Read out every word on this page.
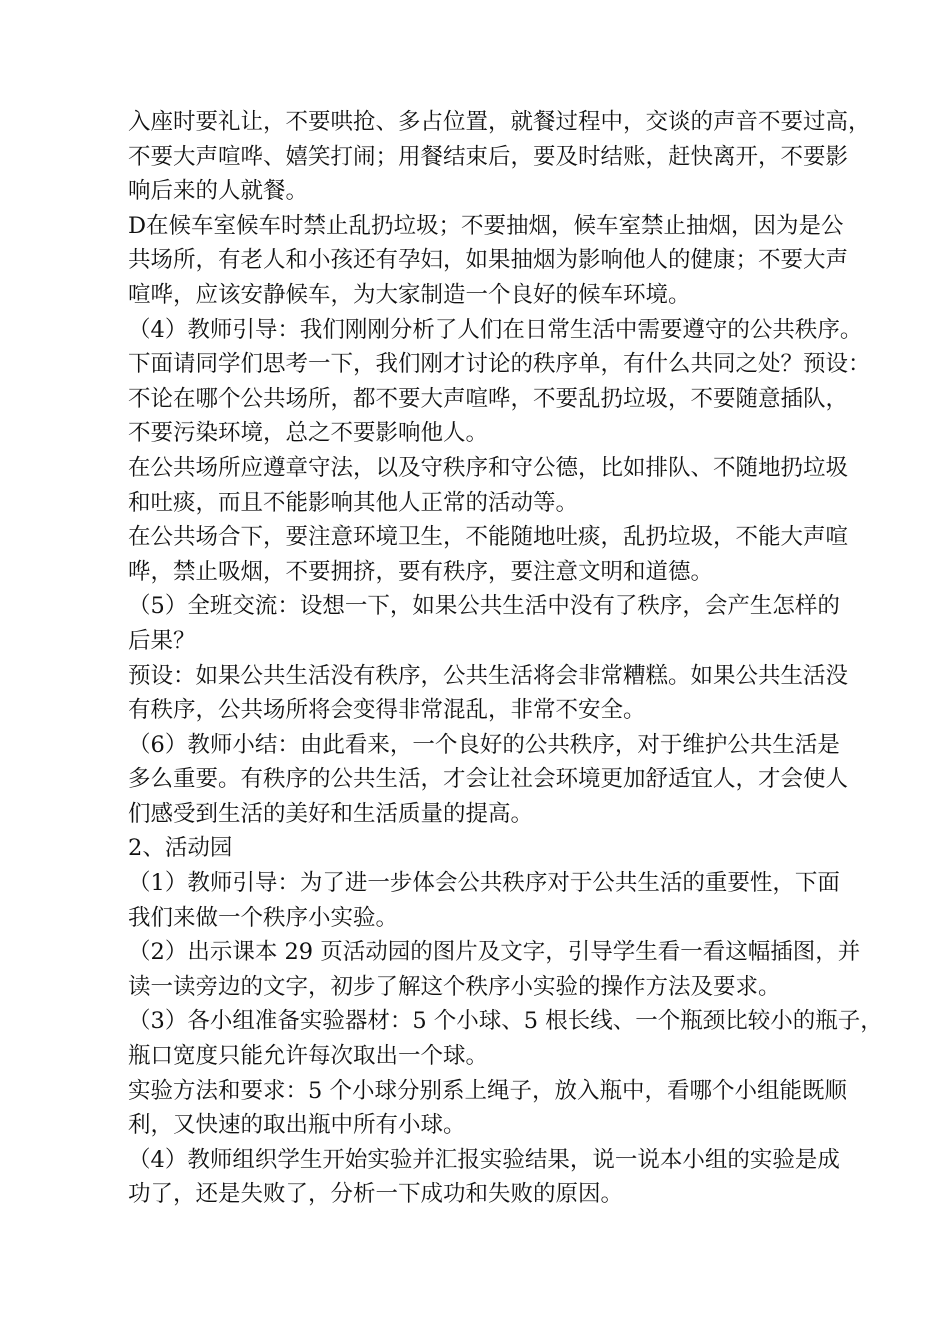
入座时要礼让，不要哄抢、多占位置，就餐过程中，交谈的声音不要过高，
不要大声喧哗、嬉笑打闹；用餐结束后，要及时结账，赶快离开，不要影
响后来的人就餐。
D在候车室候车时禁止乱扔垃圾；不要抽烟，候车室禁止抽烟，因为是公
共场所，有老人和小孩还有孕妇，如果抽烟为影响他人的健康；不要大声
喧哗，应该安静候车，为大家制造一个良好的候车环境。
（4）教师引导：我们刚刚分析了人们在日常生活中需要遵守的公共秩序。
下面请同学们思考一下，我们刚才讨论的秩序单，有什么共同之处？预设：
不论在哪个公共场所，都不要大声喧哗，不要乱扔垃圾，不要随意插队，
不要污染环境，总之不要影响他人。
在公共场所应遵章守法，以及守秩序和守公德，比如排队、不随地扔垃圾
和吐痰，而且不能影响其他人正常的活动等。
在公共场合下，要注意环境卫生，不能随地吐痰，乱扔垃圾，不能大声喧
哗，禁止吸烟，不要拥挤，要有秩序，要注意文明和道德。
（5）全班交流：设想一下，如果公共生活中没有了秩序，会产生怎样的
后果？
预设：如果公共生活没有秩序，公共生活将会非常糟糕。如果公共生活没
有秩序，公共场所将会变得非常混乱，非常不安全。
（6）教师小结：由此看来，一个良好的公共秩序，对于维护公共生活是
多么重要。有秩序的公共生活，才会让社会环境更加舒适宜人，才会使人
们感受到生活的美好和生活质量的提高。
2、活动园
（1）教师引导：为了进一步体会公共秩序对于公共生活的重要性，下面
我们来做一个秩序小实验。
（2）出示课本 29 页活动园的图片及文字，引导学生看一看这幅插图，并
读一读旁边的文字，初步了解这个秩序小实验的操作方法及要求。
（3）各小组准备实验器材：5 个小球、5 根长线、一个瓶颈比较小的瓶子，
瓶口宽度只能允许每次取出一个球。
实验方法和要求：5 个小球分别系上绳子，放入瓶中，看哪个小组能既顺
利，又快速的取出瓶中所有小球。
（4）教师组织学生开始实验并汇报实验结果，说一说本小组的实验是成
功了，还是失败了，分析一下成功和失败的原因。
